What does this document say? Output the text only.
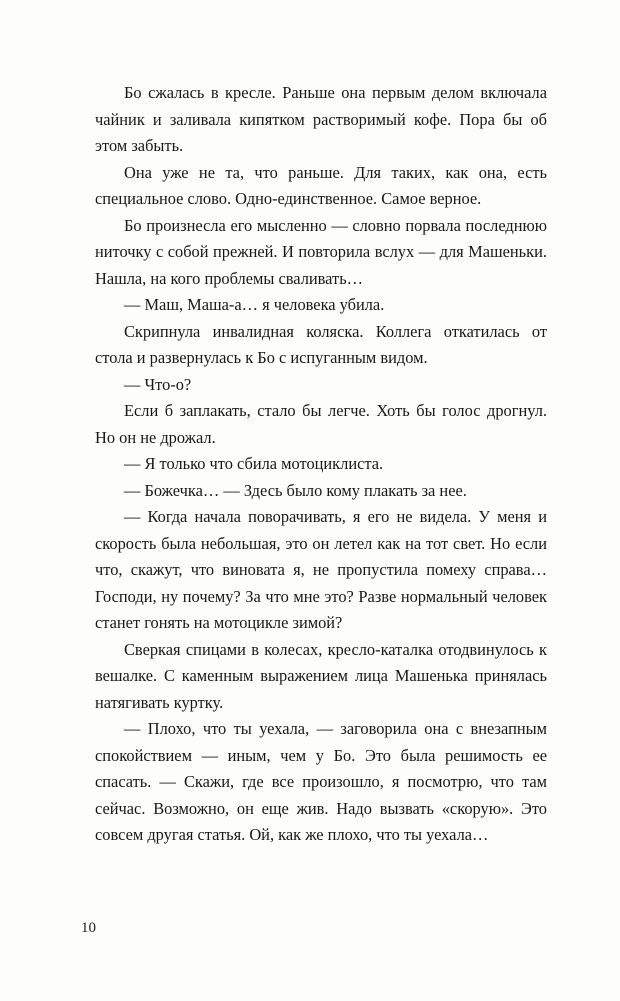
Бо сжалась в кресле. Раньше она первым делом включала чайник и заливала кипятком растворимый кофе. Пора бы об этом забыть.

Она уже не та, что раньше. Для таких, как она, есть специальное слово. Одно-единственное. Самое верное.

Бо произнесла его мысленно — словно порвала последнюю ниточку с собой прежней. И повторила вслух — для Машеньки. Нашла, на кого проблемы сваливать…

— Маш, Маша-а… я человека убила.

Скрипнула инвалидная коляска. Коллега откатилась от стола и развернулась к Бо с испуганным видом.

— Что-о?

Если б заплакать, стало бы легче. Хоть бы голос дрогнул. Но он не дрожал.

— Я только что сбила мотоциклиста.

— Божечка… — Здесь было кому плакать за нее.

— Когда начала поворачивать, я его не видела. У меня и скорость была небольшая, это он летел как на тот свет. Но если что, скажут, что виновата я, не пропустила помеху справа… Господи, ну почему? За что мне это? Разве нормальный человек станет гонять на мотоцикле зимой?

Сверкая спицами в колесах, кресло-каталка отодвинулось к вешалке. С каменным выражением лица Машенька принялась натягивать куртку.

— Плохо, что ты уехала, — заговорила она с внезапным спокойствием — иным, чем у Бо. Это была решимость ее спасать. — Скажи, где все произошло, я посмотрю, что там сейчас. Возможно, он еще жив. Надо вызвать «скорую». Это совсем другая статья. Ой, как же плохо, что ты уехала…

10
